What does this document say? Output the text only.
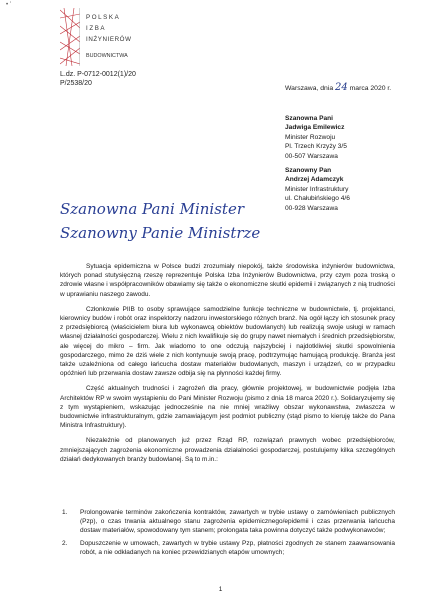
• ʼ
POLSKA
IZBA
INŻYNIERÓW
BUDOWNICTWA
L.dz. P-0712-0012(1)/20
P/2538/20
Warszawa, dnia 24 marca 2020 r.
Szanowna Pani
Jadwiga Emilewicz
Minister Rozwoju
Pl. Trzech Krzyży 3/5
00-507 Warszawa
Szanowny Pan
Andrzej Adamczyk
Minister Infrastruktury
ul. Chałubińskiego 4/6
00-928 Warszawa
Szanowna Pani Minister
Szanowny Panie Ministrze

Sytuacja epidemiczna w Polsce budzi zrozumiały niepokój, także środowiska inżynierów budownictwa, których ponad stutysięczną rzeszę reprezentuje Polska Izba Inżynierów Budownictwa, przy czym poza troską o zdrowie własne i współpracowników obawiamy się także o ekonomiczne skutki epidemii i związanych z nią trudności w uprawianiu naszego zawodu.

Członkowie PIIB to osoby sprawujące samodzielne funkcje techniczne w budownictwie, tj. projektanci, kierownicy budów i robót oraz inspektorzy nadzoru inwestorskiego różnych branż. Na ogół łączy ich stosunek pracy z przedsiębiorcą (właścicielem biura lub wykonawcą obiektów budowlanych) lub realizują swoje usługi w ramach własnej działalności gospodarczej. Wielu z nich kwalifikuje się do grupy nawet niemałych i średnich przedsiębiorstw, ale więcej do mikro – firm. Jak wiadomo to one odczują najszybciej i najdotkliwiej skutki spowolnienia gospodarczego, mimo że dziś wiele z nich kontynuuje swoją pracę, podtrzymując hamującą produkcję. Branża jest także uzależniona od całego łańcucha dostaw materiałów budowlanych, maszyn i urządzeń, co w przypadku opóźnień lub przerwania dostaw zawsze odbija się na płynności każdej firmy.

Część aktualnych trudności i zagrożeń dla pracy, głównie projektowej, w budownictwie podjęła Izba Architektów RP w swoim wystąpieniu do Pani Minister Rozwoju (pismo z dnia 18 marca 2020 r.). Solidaryzujemy się z tym wystąpieniem, wskazując jednocześnie na nie mniej wrażliwy obszar wykonawstwa, zwłaszcza w budownictwie infrastrukturalnym, gdzie zamawiającym jest podmiot publiczny (stąd pismo to kieruję także do Pana Ministra Infrastruktury).

Niezależnie od planowanych już przez Rząd RP, rozwiązań prawnych wobec przedsiębiorców, zmniejszających zagrożenia ekonomiczne prowadzenia działalności gospodarczej, postulujemy kilka szczególnych działań dedykowanych branży budowlanej. Są to m.in.:

1.	Prolongowanie terminów zakończenia kontraktów, zawartych w trybie ustawy o zamówieniach publicznych (Pzp), o czas trwania aktualnego stanu zagrożenia epidemicznego/epidemii i czas przerwania łańcucha dostaw materiałów, spowodowany tym stanem; prolongata taka powinna dotyczyć także podwykonawców;
2.	Dopuszczenie w umowach, zawartych w trybie ustawy Pzp, płatności zgodnych ze stanem zaawansowania robót, a nie odkładanych na koniec przewidzianych etapów umownych;
1
